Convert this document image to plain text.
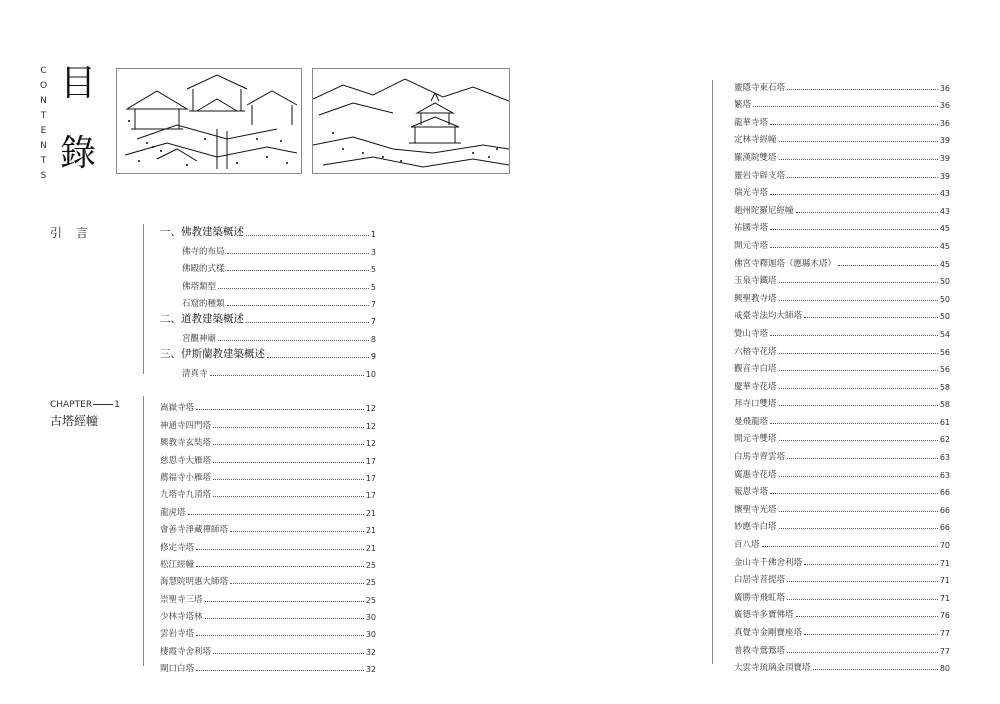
C
O
N
T
E
N
T
S
目
錄
引言	一、佛教建築概述	1
佛寺的布局	3
佛殿的式樣	5
佛塔類型	5
石窟的種類	7
二、道教建築概述	7
宮觀神廟	8
三、伊斯蘭教建築概述	9
清真寺	10
CHAPTER 1
古塔經幢
嵩嶽寺塔	12
神通寺四門塔	12
興教寺玄奘塔	12
慈恩寺大雁塔	17
薦福寺小雁塔	17
九塔寺九頂塔	17
龍虎塔	21
會善寺淨藏禪師塔	21
修定寺塔	21
松江經幢	25
海慧院明惠大師塔	25
崇聖寺三塔	25
少林寺塔林	30
雲岩寺塔	30
棲霞寺舍利塔	32
閘口白塔	32
靈隱寺東石塔	36
繁塔	36
龍華寺塔	36
定林寺經幢	39
羅漢院雙塔	39
靈岩寺辟支塔	39
瑞光寺塔	43
趙州陀羅尼經幢	43
祐國寺塔	45
開元寺塔	45
佛宮寺釋迦塔（應縣木塔）	45
玉泉寺鐵塔	50
興聖教寺塔	50
戒臺寺法均大師塔	50
覺山寺塔	54
六榕寺花塔	56
觀音寺白塔	56
慶華寺花塔	58
拜寺口雙塔	58
曼飛龍塔	61
開元寺雙塔	62
白馬寺齊雲塔	63
廣惠寺花塔	63
報恩寺塔	66
懷聖寺光塔	66
妙應寺白塔	66
百八塔	70
金山寺千佛舍利塔	71
白居寺菩提塔	71
廣勝寺飛虹塔	71
廣德寺多寶佛塔	76
真覺寺金剛寶座塔	77
普救寺鶯鶯塔	77
大雲寺琉璃金頂寶塔	80
